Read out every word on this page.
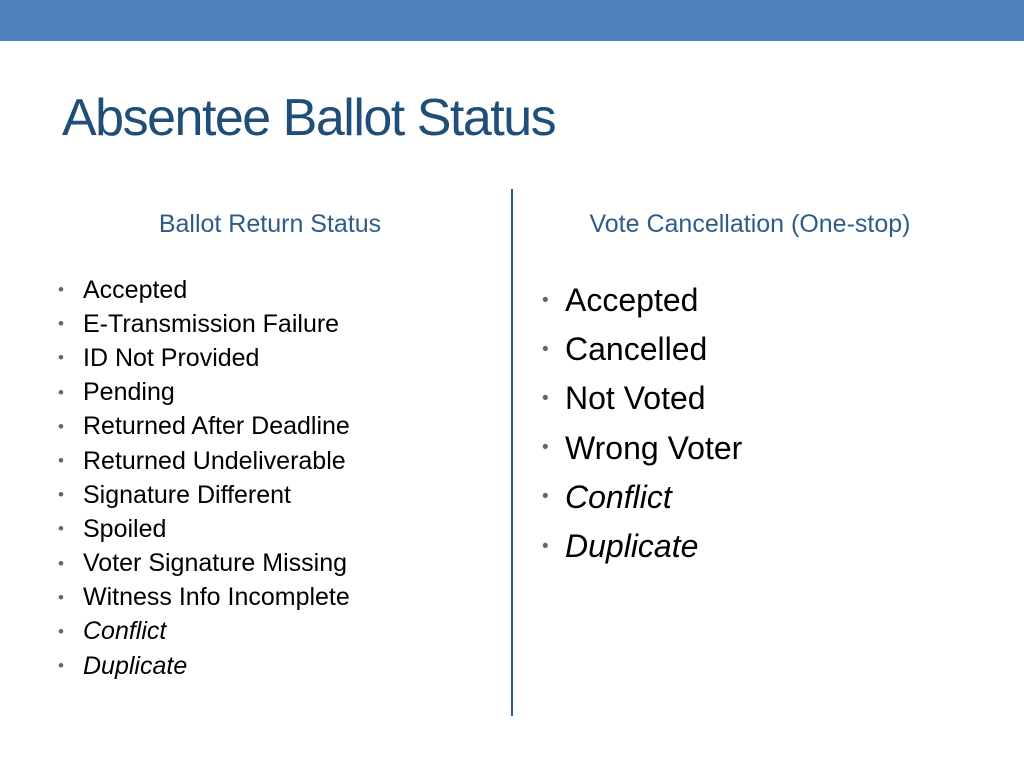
Absentee Ballot Status
Ballot Return Status	Vote Cancellation (One-stop)
• Accepted
• E-Transmission Failure
• ID Not Provided
• Pending
• Returned After Deadline
• Returned Undeliverable
• Signature Different
• Spoiled
• Voter Signature Missing
• Witness Info Incomplete
• Conflict
• Duplicate
• Accepted
• Cancelled
• Not Voted
• Wrong Voter
• Conflict
• Duplicate
